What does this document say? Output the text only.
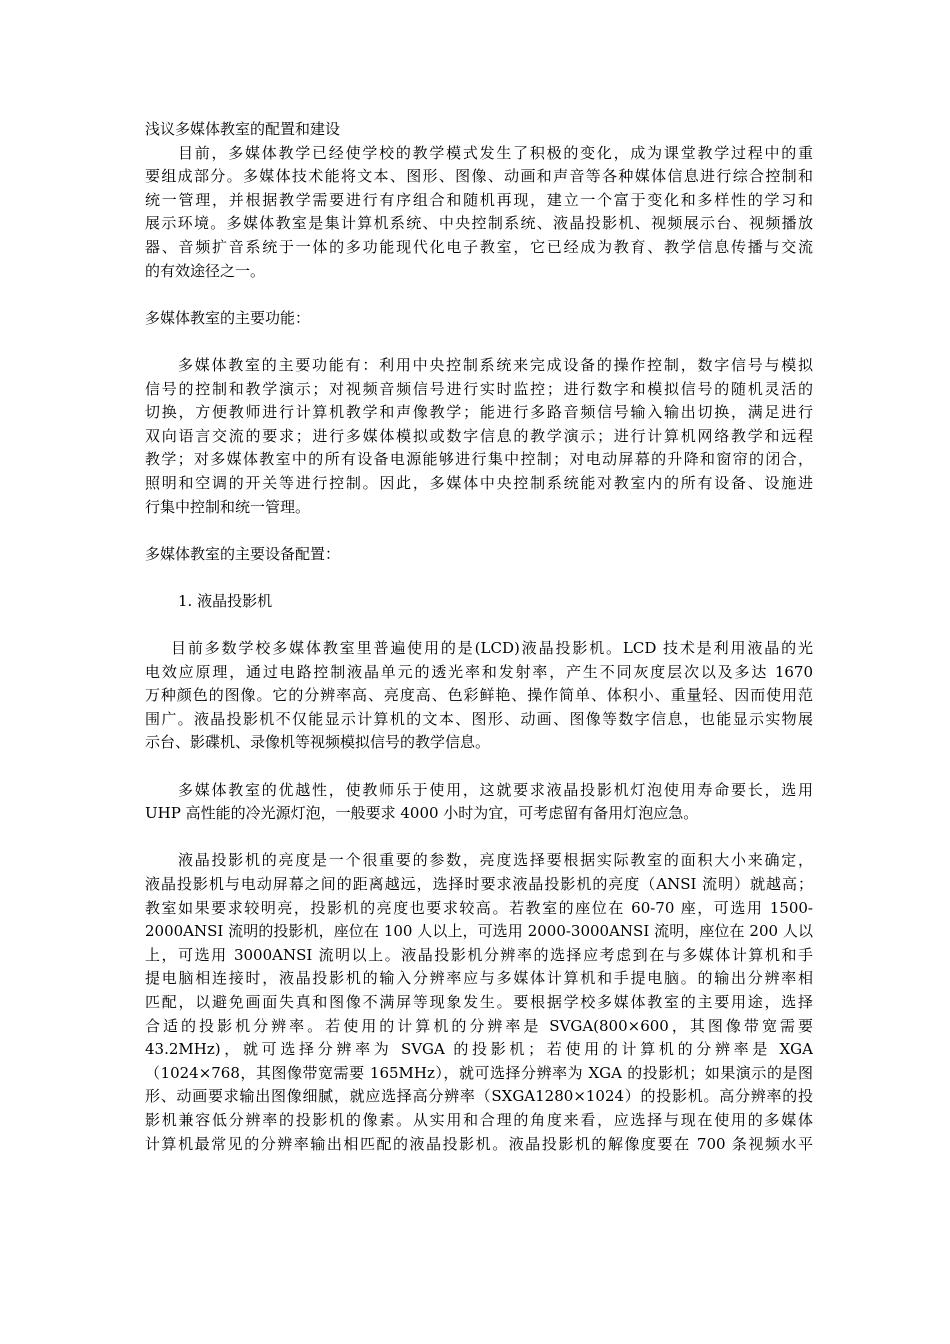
浅议多媒体教室的配置和建设
目前，多媒体教学已经使学校的教学模式发生了积极的变化，成为课堂教学过程中的重
要组成部分。多媒体技术能将文本、图形、图像、动画和声音等各种媒体信息进行综合控制和
统一管理，并根据教学需要进行有序组合和随机再现，建立一个富于变化和多样性的学习和
展示环境。多媒体教室是集计算机系统、中央控制系统、液晶投影机、视频展示台、视频播放
器、音频扩音系统于一体的多功能现代化电子教室，它已经成为教育、教学信息传播与交流
的有效途径之一。
多媒体教室的主要功能：
多媒体教室的主要功能有：利用中央控制系统来完成设备的操作控制，数字信号与模拟
信号的控制和教学演示；对视频音频信号进行实时监控；进行数字和模拟信号的随机灵活的
切换，方便教师进行计算机教学和声像教学；能进行多路音频信号输入输出切换，满足进行
双向语言交流的要求；进行多媒体模拟或数字信息的教学演示；进行计算机网络教学和远程
教学；对多媒体教室中的所有设备电源能够进行集中控制；对电动屏幕的升降和窗帘的闭合，
照明和空调的开关等进行控制。因此，多媒体中央控制系统能对教室内的所有设备、设施进
行集中控制和统一管理。
多媒体教室的主要设备配置：
1. 液晶投影机
目前多数学校多媒体教室里普遍使用的是(LCD)液晶投影机。LCD 技术是利用液晶的光
电效应原理，通过电路控制液晶单元的透光率和发射率，产生不同灰度层次以及多达 1670
万种颜色的图像。它的分辨率高、亮度高、色彩鲜艳、操作简单、体积小、重量轻、因而使用范
围广。液晶投影机不仅能显示计算机的文本、图形、动画、图像等数字信息，也能显示实物展
示台、影碟机、录像机等视频模拟信号的教学信息。
多媒体教室的优越性，使教师乐于使用，这就要求液晶投影机灯泡使用寿命要长，选用
UHP 高性能的冷光源灯泡，一般要求 4000 小时为宜，可考虑留有备用灯泡应急。
液晶投影机的亮度是一个很重要的参数，亮度选择要根据实际教室的面积大小来确定，
液晶投影机与电动屏幕之间的距离越远，选择时要求液晶投影机的亮度（ANSI 流明）就越高；
教室如果要求较明亮，投影机的亮度也要求较高。若教室的座位在 60-70 座，可选用 1500-
2000ANSI 流明的投影机，座位在 100 人以上，可选用 2000-3000ANSI 流明，座位在 200 人以
上，可选用 3000ANSI 流明以上。液晶投影机分辨率的选择应考虑到在与多媒体计算机和手
提电脑相连接时，液晶投影机的输入分辨率应与多媒体计算机和手提电脑。的输出分辨率相
匹配，以避免画面失真和图像不满屏等现象发生。要根据学校多媒体教室的主要用途，选择
合适的投影机分辨率。若使用的计算机的分辨率是 SVGA(800×600，其图像带宽需要
43.2MHz)，就可选择分辨率为 SVGA 的投影机；若使用的计算机的分辨率是 XGA
（1024×768，其图像带宽需要 165MHz），就可选择分辨率为 XGA 的投影机；如果演示的是图
形、动画要求输出图像细腻，就应选择高分辨率（SXGA1280×1024）的投影机。高分辨率的投
影机兼容低分辨率的投影机的像素。从实用和合理的角度来看，应选择与现在使用的多媒体
计算机最常见的分辨率输出相匹配的液晶投影机。液晶投影机的解像度要在 700 条视频水平
